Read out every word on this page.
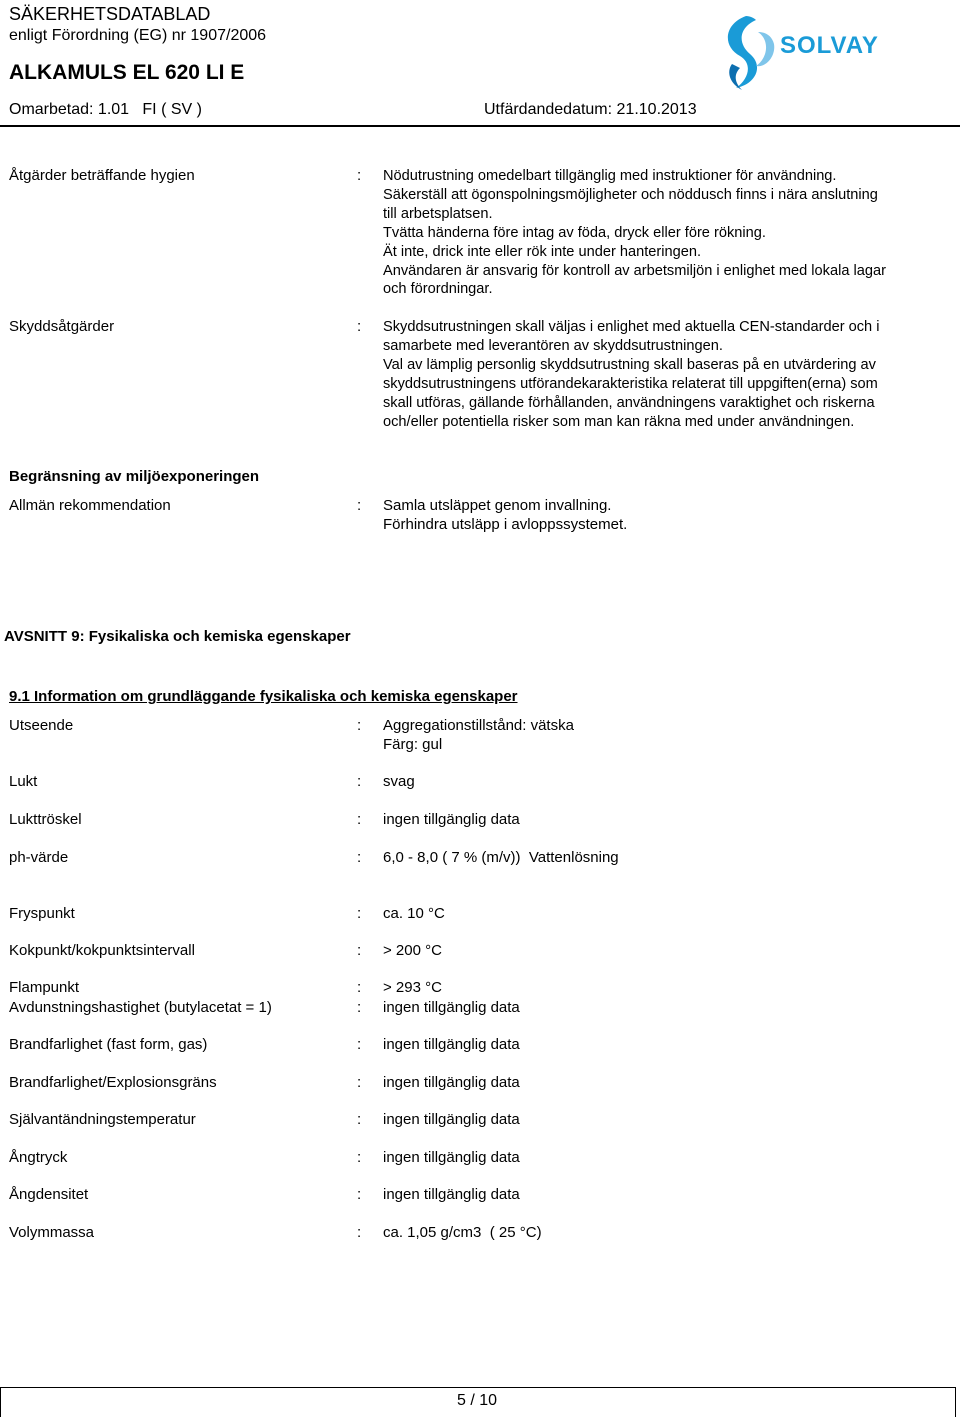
SÄKERHETSDATABLAD
enligt Förordning (EG) nr 1907/2006
ALKAMULS EL 620 LI E
Omarbetad: 1.01   FI ( SV )	Utfärdandedatum: 21.10.2013
SOLVAY
Åtgärder beträffande hygien	: Nödutrustning omedelbart tillgänglig med instruktioner för användning.
Säkerställ att ögonspolningsmöjligheter och nöddusch finns i nära anslutning
till arbetsplatsen.
Tvätta händerna före intag av föda, dryck eller före rökning.
Ät inte, drick inte eller rök inte under hanteringen.
Användaren är ansvarig för kontroll av arbetsmiljön i enlighet med lokala lagar
och förordningar.
Skyddsåtgärder	: Skyddsutrustningen skall väljas i enlighet med aktuella CEN-standarder och i
samarbete med leverantören av skyddsutrustningen.
Val av lämplig personlig skyddsutrustning skall baseras på en utvärdering av
skyddsutrustningens utförandekarakteristika relaterat till uppgiften(erna) som
skall utföras, gällande förhållanden, användningens varaktighet och riskerna
och/eller potentiella risker som man kan räkna med under användningen.
Begränsning av miljöexponeringen
Allmän rekommendation	: Samla utsläppet genom invallning.
Förhindra utsläpp i avloppssystemet.
AVSNITT 9: Fysikaliska och kemiska egenskaper
9.1 Information om grundläggande fysikaliska och kemiska egenskaper
Utseende	: Aggregationstillstånd: vätska
Färg: gul
Lukt	: svag
Lukttröskel	: ingen tillgänglig data
ph-värde	: 6,0 - 8,0 ( 7 % (m/v))  Vattenlösning
Fryspunkt	: ca. 10 °C
Kokpunkt/kokpunktsintervall	: > 200 °C
Flampunkt	: > 293 °C
Avdunstningshastighet (butylacetat = 1)	: ingen tillgänglig data
Brandfarlighet (fast form, gas)	: ingen tillgänglig data
Brandfarlighet/Explosionsgräns	: ingen tillgänglig data
Självantändningstemperatur	: ingen tillgänglig data
Ångtryck	: ingen tillgänglig data
Ångdensitet	: ingen tillgänglig data
Volymmassa	: ca. 1,05 g/cm3  ( 25 °C)
5 / 10
